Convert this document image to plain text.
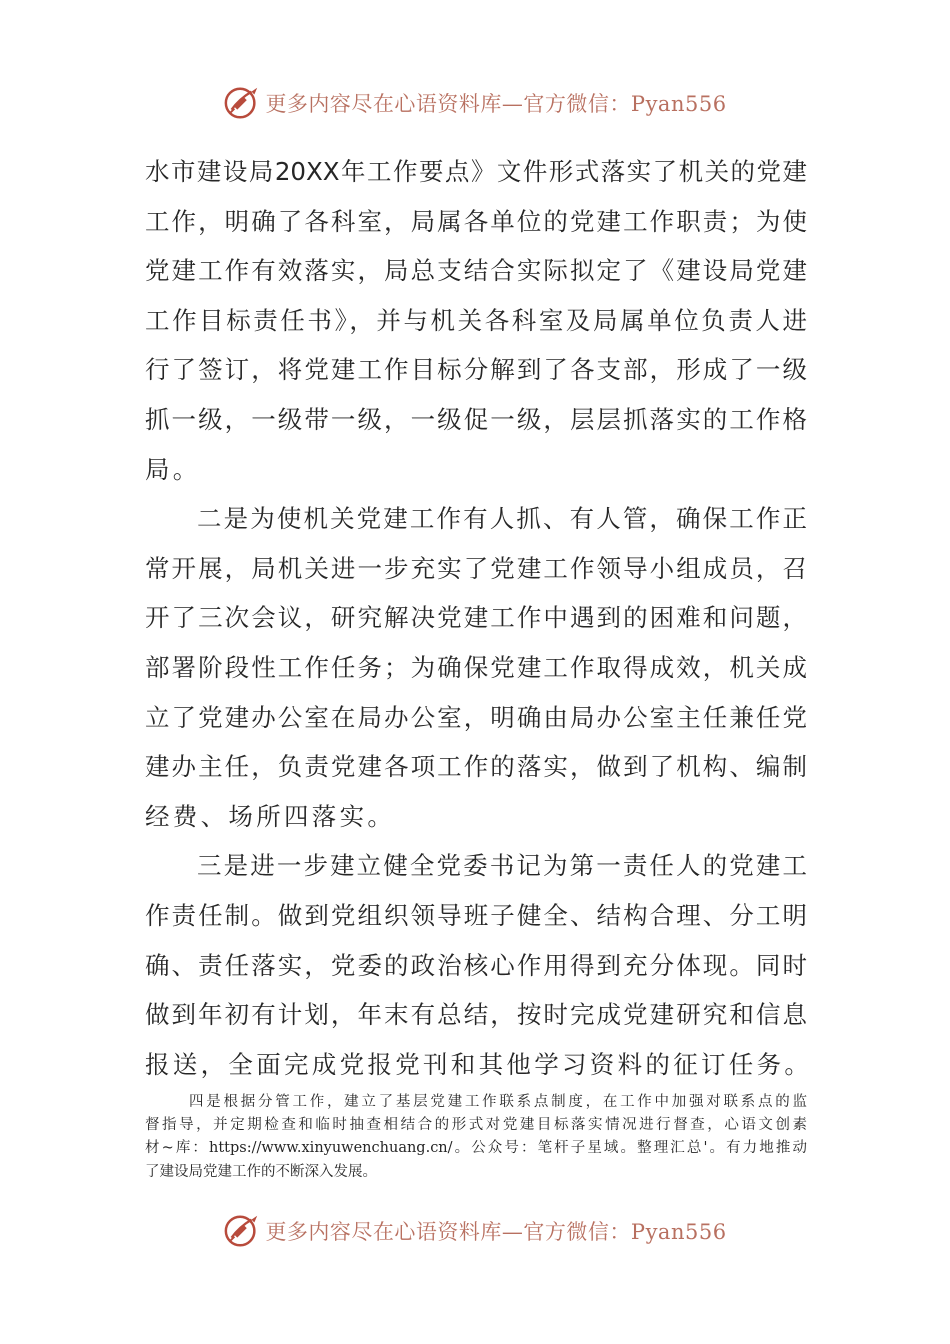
更多内容尽在心语资料库—官方微信：Pyan556
水市建设局20XX年工作要点》文件形式落实了机关的党建
工作，明确了各科室，局属各单位的党建工作职责；为使
党建工作有效落实，局总支结合实际拟定了《建设局党建
工作目标责任书》，并与机关各科室及局属单位负责人进
行了签订，将党建工作目标分解到了各支部，形成了一级
抓一级，一级带一级，一级促一级，层层抓落实的工作格
局。
二是为使机关党建工作有人抓、有人管，确保工作正
常开展，局机关进一步充实了党建工作领导小组成员，召
开了三次会议，研究解决党建工作中遇到的困难和问题，
部署阶段性工作任务；为确保党建工作取得成效，机关成
立了党建办公室在局办公室，明确由局办公室主任兼任党
建办主任，负责党建各项工作的落实，做到了机构、编制
经费、场所四落实。
三是进一步建立健全党委书记为第一责任人的党建工
作责任制。做到党组织领导班子健全、结构合理、分工明
确、责任落实，党委的政治核心作用得到充分体现。同时
做到年初有计划，年末有总结，按时完成党建研究和信息
报送，全面完成党报党刊和其他学习资料的征订任务。
四是根据分管工作，建立了基层党建工作联系点制度，在工作中加强对联系点的监
督指导，并定期检查和临时抽查相结合的形式对党建目标落实情况进行督查，心语文创素
材~库：https://www.xinyuwenchuang.cn/。公众号：笔杆子星域。整理汇总'。有力地推动
了建设局党建工作的不断深入发展。
更多内容尽在心语资料库—官方微信：Pyan556
